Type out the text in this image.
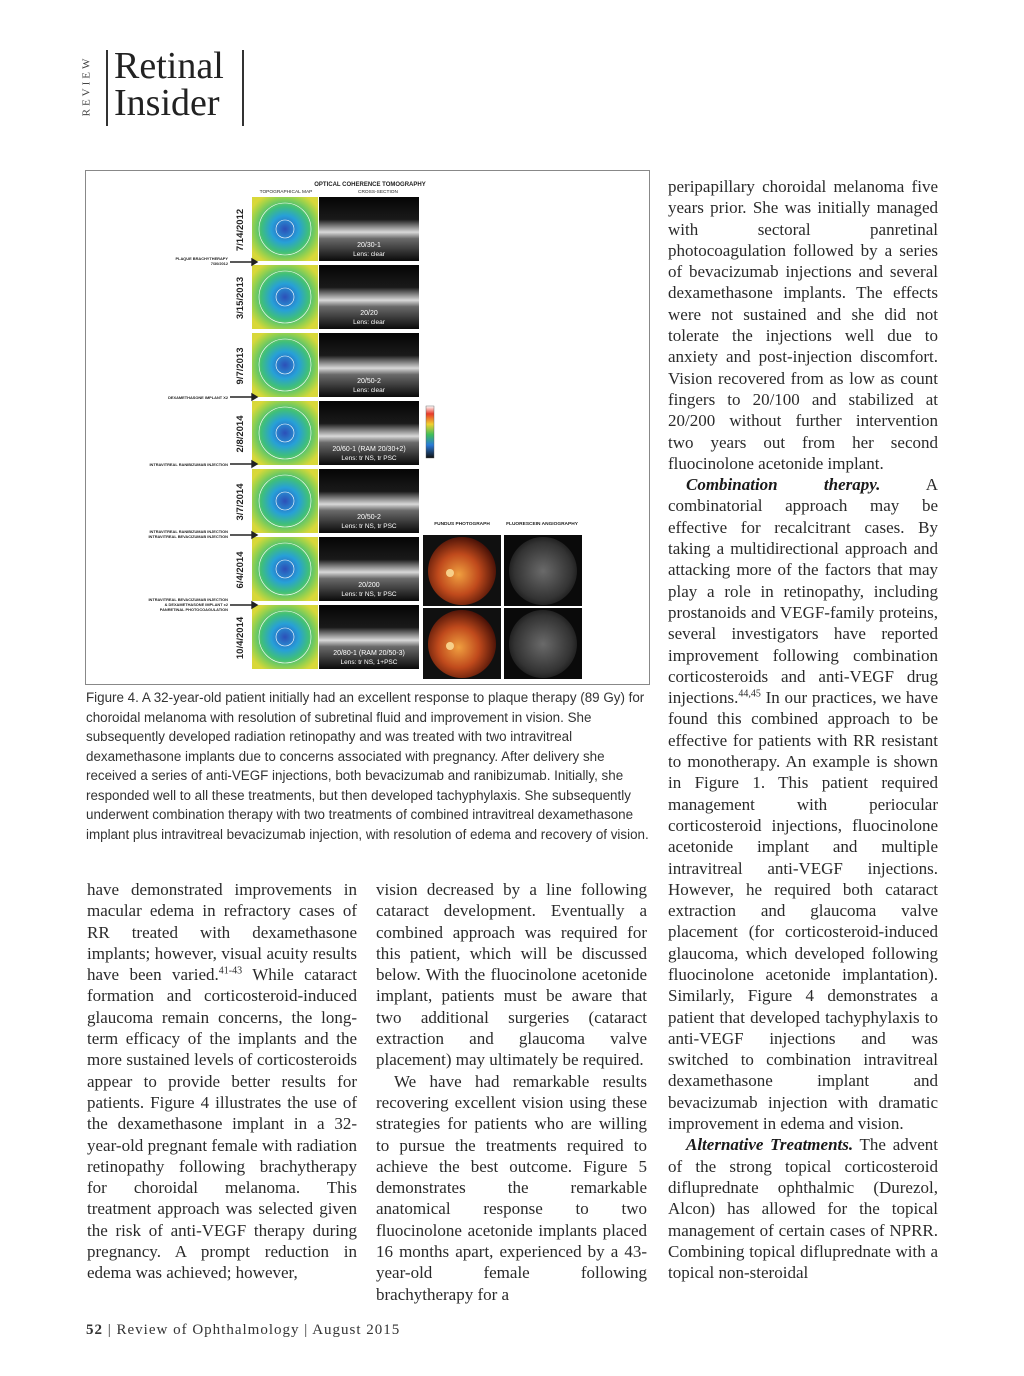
REVIEW Retinal
Insider
OPTICAL COHERENCE TOMOGRAPHY
TOPOGRAPHICAL MAP	CROSS-SECTION
FUNDUS PHOTOGRAPH	FLUORESCEIN ANGIOGRAPHY
7/14/2012	20/30-1
Lens: clear
3/15/2013	20/20
Lens: clear
9/7/2013	20/50-2
Lens: clear
2/8/2014	20/60-1 (RAM 20/30+2)
Lens: tr NS, tr PSC
3/7/2014	20/50-2
Lens: tr NS, tr PSC
6/4/2014	20/200
Lens: tr NS, tr PSC
10/4/2014	20/80-1 (RAM 20/50-3)
Lens: tr NS, 1+PSC
PLAQUE BRACHYTHERAPY
7/30/2012
DEXAMETHASONE IMPLANT X2
INTRAVITREAL RANIBIZUMAB INJECTION
INTRAVITREAL RANIBIZUMAB INJECTION
INTRAVITREAL BEVACIZUMAB INJECTION
INTRAVITREAL BEVACIZUMAB INJECTION
& DEXAMETHASONE IMPLANT x2
PANRETINAL PHOTOCOAGULATION
Figure 4. A 32-year-old patient initially had an excellent response to plaque therapy (89 Gy) for choroidal melanoma with resolution of subretinal fluid and improvement in vision. She subsequently developed radiation retinopathy and was treated with two intravitreal dexamethasone implants due to concerns associated with pregnancy. After delivery she received a series of anti-VEGF injections, both bevacizumab and ranibizumab. Initially, she responded well to all these treatments, but then developed tachyphylaxis. She subsequently underwent combination therapy with two treatments of combined intravitreal dexamethasone implant plus intravitreal bevacizumab injection, with resolution of edema and recovery of vision.

have demonstrated improvements in macular edema in refractory cases of RR treated with dexamethasone implants; however, visual acuity results have been varied.$^{41-43}$ While cataract formation and corticosteroid-induced glaucoma remain concerns, the long-term efficacy of the implants and the more sustained levels of corticosteroids appear to provide better results for patients. Figure 4 illustrates the use of the dexamethasone implant in a 32-year-old pregnant female with radiation retinopathy following brachytherapy for choroidal melanoma. This treatment approach was selected given the risk of anti-VEGF therapy during pregnancy. A prompt reduction in edema was achieved; however,

vision decreased by a line following cataract development. Eventually a combined approach was required for this patient, which will be discussed below. With the fluocinolone acetonide implant, patients must be aware that two additional surgeries (cataract extraction and glaucoma valve placement) may ultimately be required.

We have had remarkable results recovering excellent vision using these strategies for patients who are willing to pursue the treatments required to achieve the best outcome. Figure 5 demonstrates the remarkable anatomical response to two fluocinolone acetonide implants placed 16 months apart, experienced by a 43-year-old female following brachytherapy for a

peripapillary choroidal melanoma five years prior. She was initially managed with sectoral panretinal photocoagulation followed by a series of bevacizumab injections and several dexamethasone implants. The effects were not sustained and she did not tolerate the injections well due to anxiety and post-injection discomfort. Vision recovered from as low as count fingers to 20/100 and stabilized at 20/200 without further intervention two years out from her second fluocinolone acetonide implant.

Combination therapy. A combinatorial approach may be effective for recalcitrant cases. By taking a multidirectional approach and attacking more of the factors that may play a role in retinopathy, including prostanoids and VEGF-family proteins, several investigators have reported improvement following combination corticosteroids and anti-VEGF drug injections.$^{44,45}$ In our practices, we have found this combined approach to be effective for patients with RR resistant to monotherapy. An example is shown in Figure 1. This patient required management with periocular corticosteroid injections, fluocinolone acetonide implant and multiple intravitreal anti-VEGF injections. However, he required both cataract extraction and glaucoma valve placement (for corticosteroid-induced glaucoma, which developed following fluocinolone acetonide implantation). Similarly, Figure 4 demonstrates a patient that developed tachyphylaxis to anti-VEGF injections and was switched to combination intravitreal dexamethasone implant and bevacizumab injection with dramatic improvement in edema and vision.

Alternative Treatments. The advent of the strong topical corticosteroid difluprednate ophthalmic (Durezol, Alcon) has allowed for the topical management of certain cases of NPRR. Combining topical difluprednate with a topical non-steroidal

52 | Review of Ophthalmology | August 2015
